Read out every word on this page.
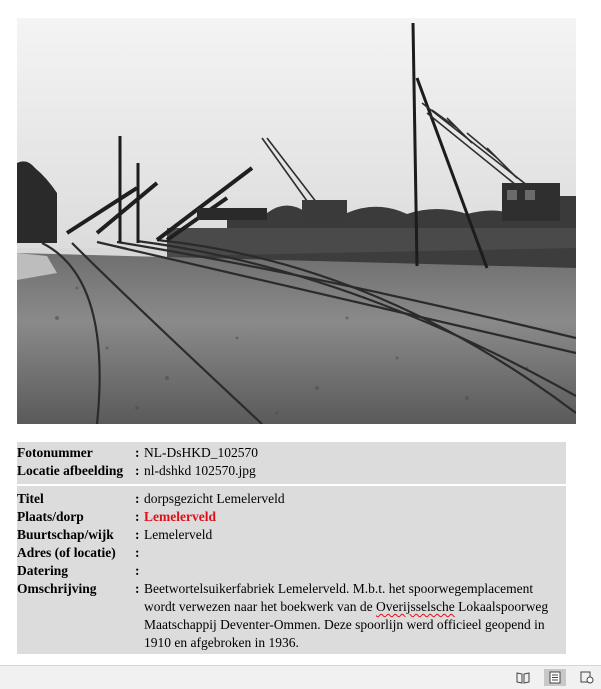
Fotonummer	: NL-DsHKD_102570
Locatie afbeelding : nl-dshkd 102570.jpg
Titel	: dorpsgezicht Lemelerveld
Plaats/dorp	: Lemelerveld
Buurtschap/wijk	: Lemelerveld
Adres (of locatie)	:
Datering	:
Omschrijving	: Beetwortelsuikerfabriek Lemelerveld. M.b.t. het spoorwegemplacement wordt verwezen naar het boekwerk van de Overijsselsche Lokaalspoorweg Maatschappij Deventer-Ommen. Deze spoorlijn werd officieel geopend in 1910 en afgebroken in 1936.
